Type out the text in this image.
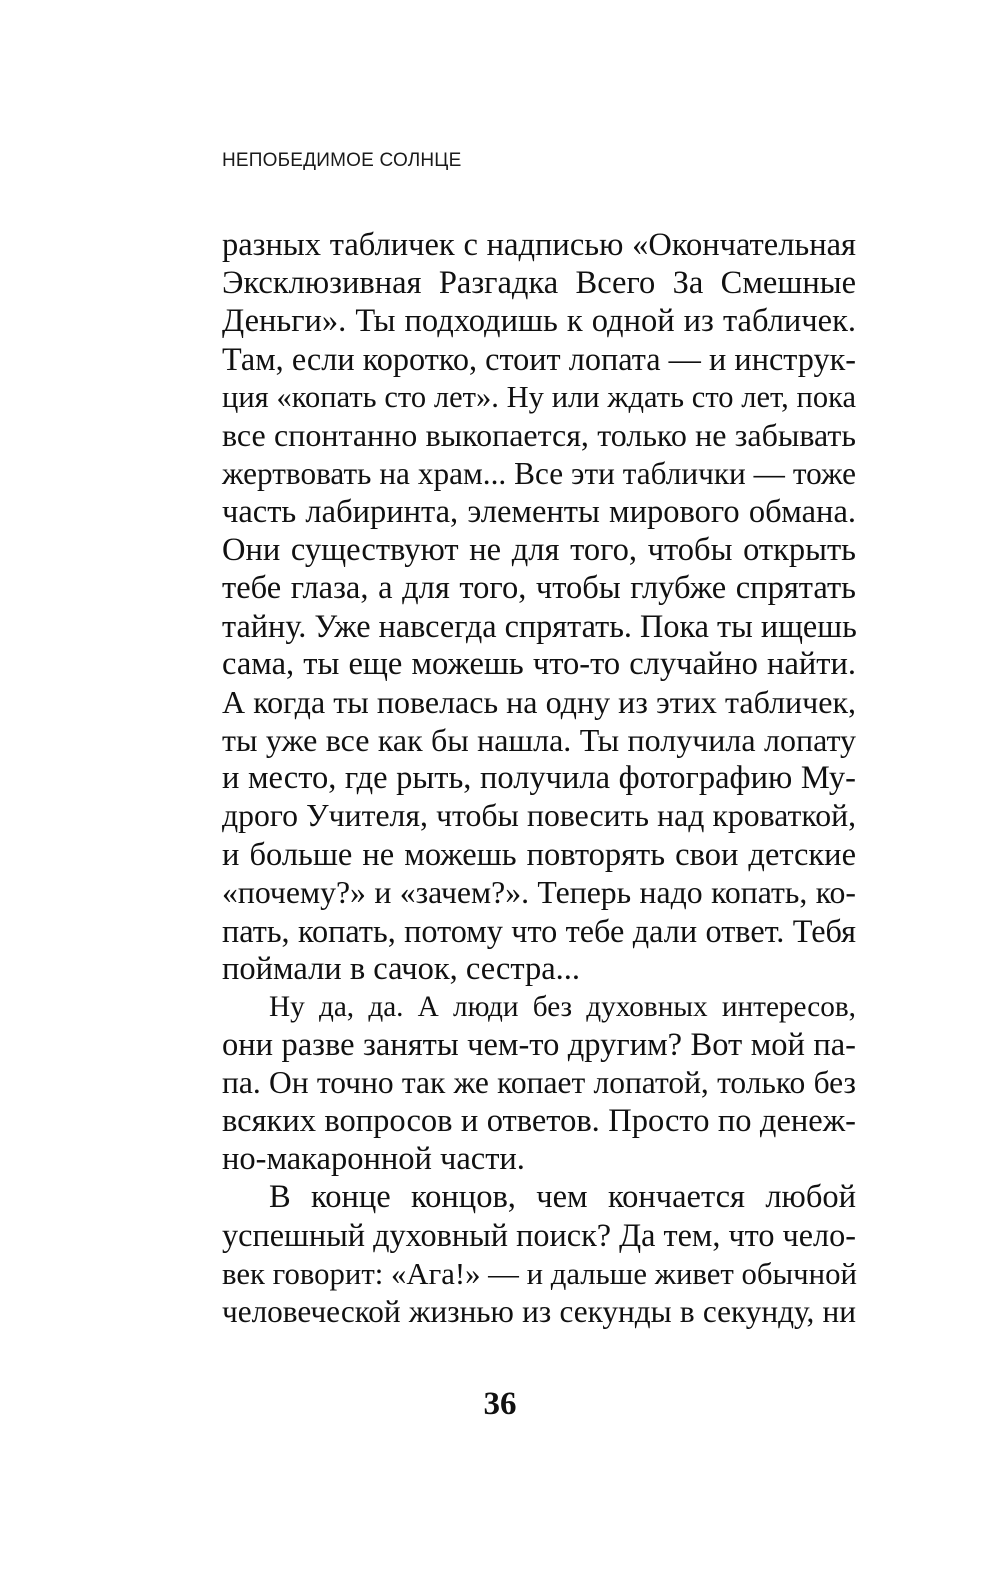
НЕПОБЕДИМОЕ СОЛНЦЕ

разных табличек с надписью «Окончательная
Эксклюзивная Разгадка Всего За Смешные
Деньги». Ты подходишь к одной из табличек.
Там, если коротко, стоит лопата — и инструк-
ция «копать сто лет». Ну или ждать сто лет, пока
все спонтанно выкопается, только не забывать
жертвовать на храм... Все эти таблички — тоже
часть лабиринта, элементы мирового обмана.
Они существуют не для того, чтобы открыть
тебе глаза, а для того, чтобы глубже спрятать
тайну. Уже навсегда спрятать. Пока ты ищешь
сама, ты еще можешь что-то случайно найти.
А когда ты повелась на одну из этих табличек,
ты уже все как бы нашла. Ты получила лопату
и место, где рыть, получила фотографию Му-
дрого Учителя, чтобы повесить над кроваткой,
и больше не можешь повторять свои детские
«почему?» и «зачем?». Теперь надо копать, ко-
пать, копать, потому что тебе дали ответ. Тебя
поймали в сачок, сестра...
Ну да, да. А люди без духовных интересов,
они разве заняты чем-то другим? Вот мой па-
па. Он точно так же копает лопатой, только без
всяких вопросов и ответов. Просто по денеж-
но-макаронной части.
В конце концов, чем кончается любой
успешный духовный поиск? Да тем, что чело-
век говорит: «Ага!» — и дальше живет обычной
человеческой жизнью из секунды в секунду, ни
36
